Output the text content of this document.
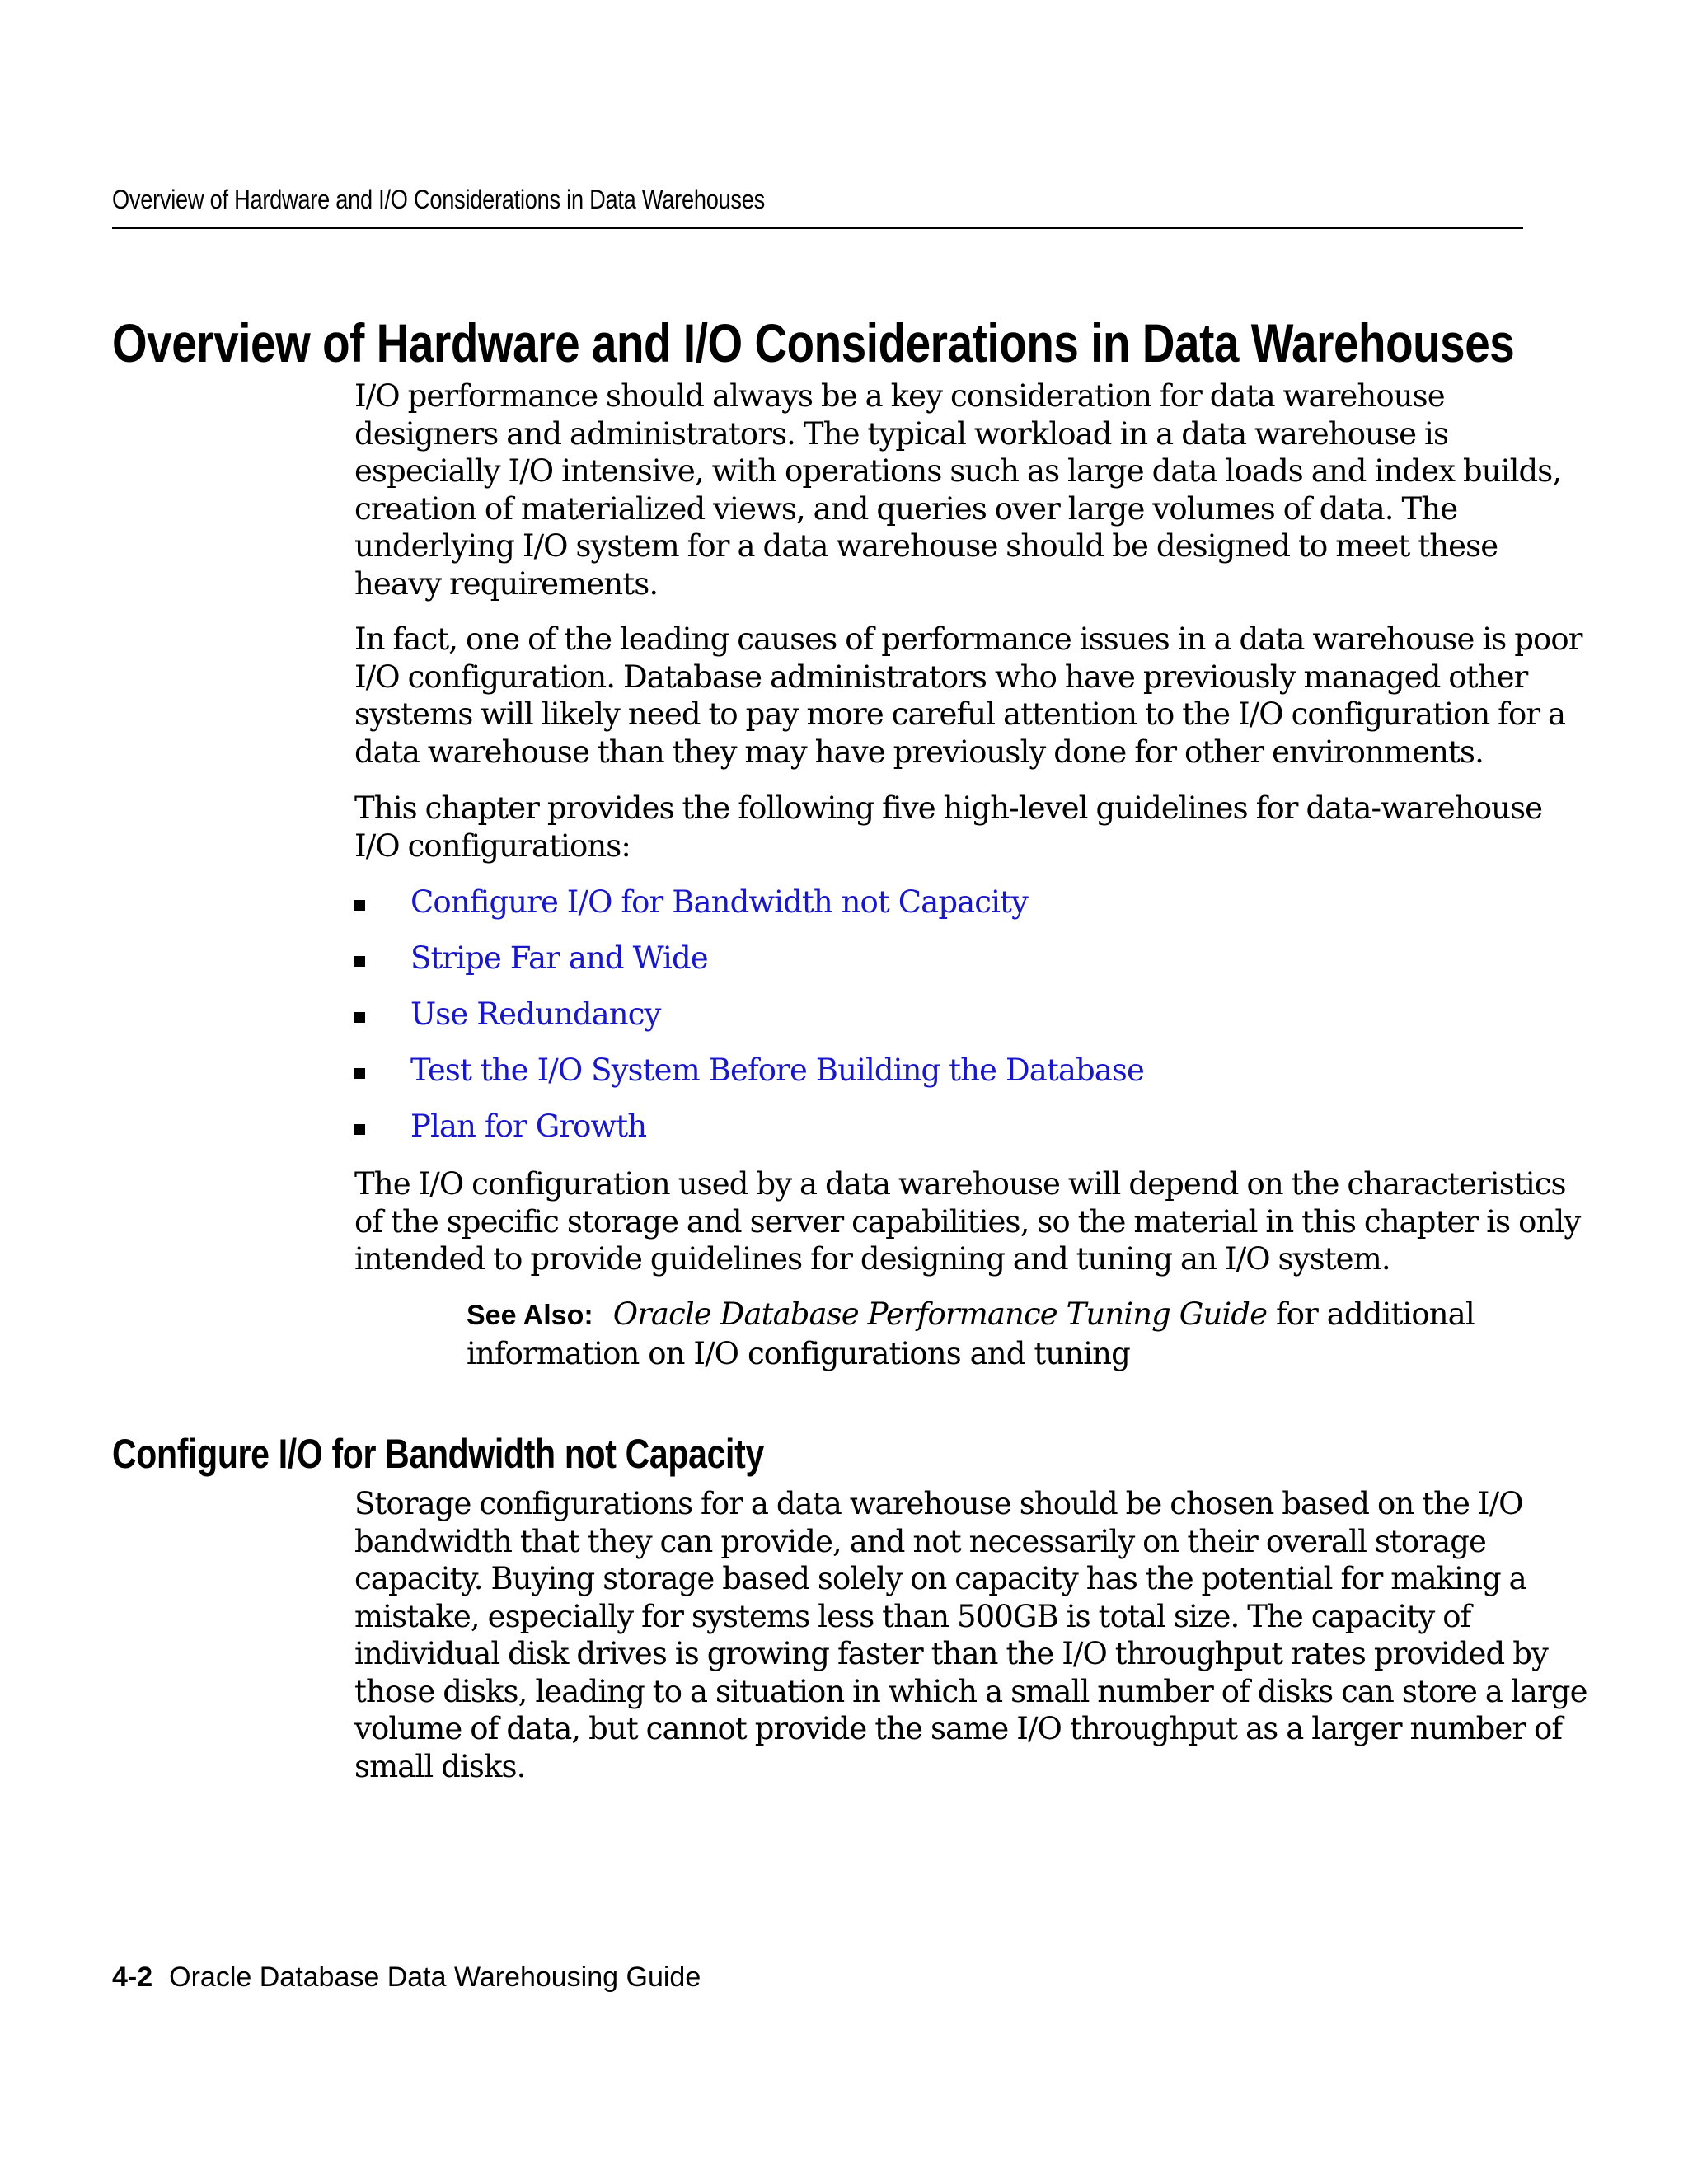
Overview of Hardware and I/O Considerations in Data Warehouses
Overview of Hardware and I/O Considerations in Data Warehouses

I/O performance should always be a key consideration for data warehouse
designers and administrators. The typical workload in a data warehouse is
especially I/O intensive, with operations such as large data loads and index builds,
creation of materialized views, and queries over large volumes of data. The
underlying I/O system for a data warehouse should be designed to meet these
heavy requirements.

In fact, one of the leading causes of performance issues in a data warehouse is poor
I/O configuration. Database administrators who have previously managed other
systems will likely need to pay more careful attention to the I/O configuration for a
data warehouse than they may have previously done for other environments.

This chapter provides the following five high-level guidelines for data-warehouse
I/O configurations:

Configure I/O for Bandwidth not Capacity
Stripe Far and Wide
Use Redundancy
Test the I/O System Before Building the Database
Plan for Growth

The I/O configuration used by a data warehouse will depend on the characteristics
of the specific storage and server capabilities, so the material in this chapter is only
intended to provide guidelines for designing and tuning an I/O system.

See Also: Oracle Database Performance Tuning Guide for additional
information on I/O configurations and tuning
Configure I/O for Bandwidth not Capacity

Storage configurations for a data warehouse should be chosen based on the I/O
bandwidth that they can provide, and not necessarily on their overall storage
capacity. Buying storage based solely on capacity has the potential for making a
mistake, especially for systems less than 500GB is total size. The capacity of
individual disk drives is growing faster than the I/O throughput rates provided by
those disks, leading to a situation in which a small number of disks can store a large
volume of data, but cannot provide the same I/O throughput as a larger number of
small disks.

4-2 Oracle Database Data Warehousing Guide
